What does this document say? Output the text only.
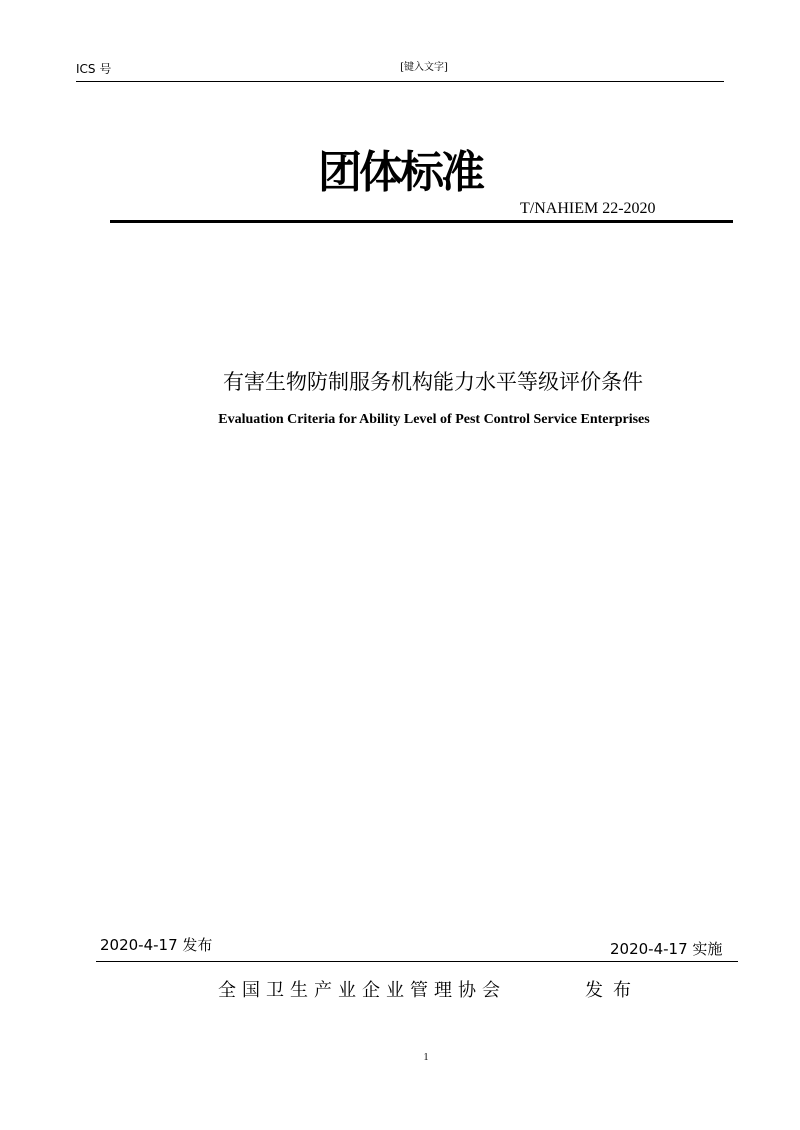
ICS 号	[键入文字]
团体标准
T/NAHIEM 22-2020
有害生物防制服务机构能力水平等级评价条件
Evaluation Criteria for Ability Level of Pest Control Service Enterprises
2020-4-17 发布	2020-4-17 实施
全国卫生产业企业管理协会	发布
1
